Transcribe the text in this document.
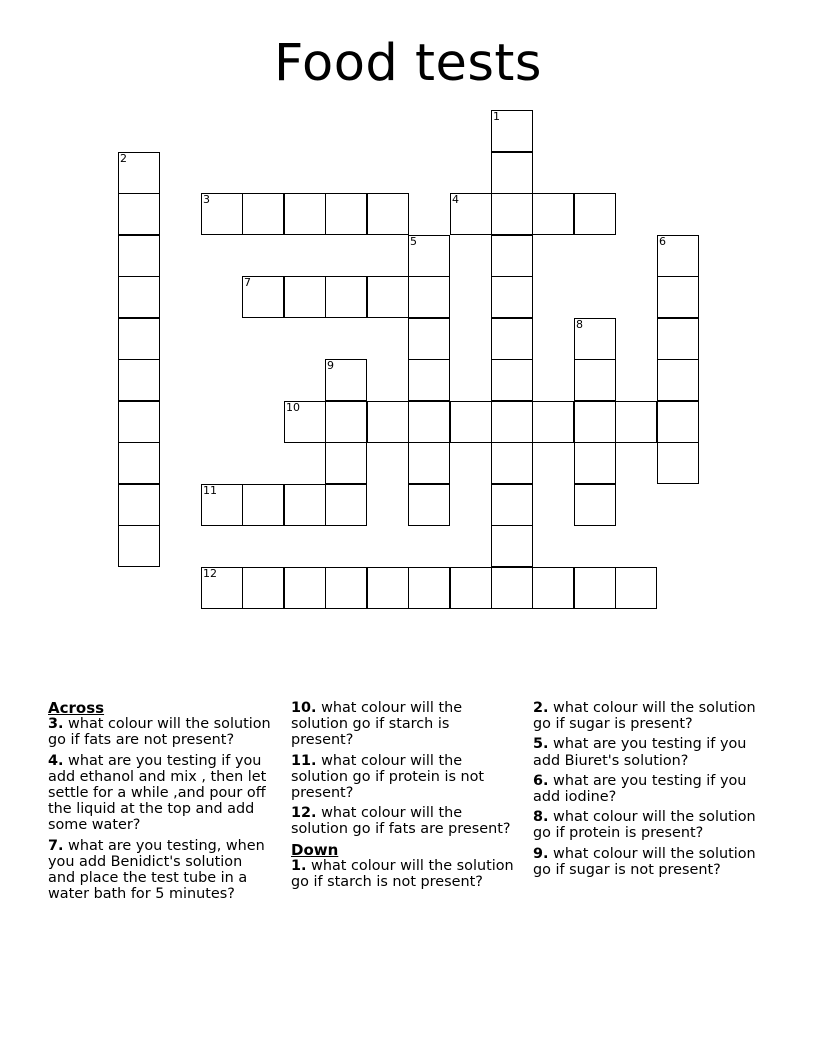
Food tests
2
3	4
1
5	6
7
8
9
10
11
12
Across
3. what colour will the solution go if fats are not present?
4. what are you testing if you add ethanol and mix , then let settle for a while ,and pour off the liquid at the top and add some water?
7. what are you testing, when you add Benidict's solution and place the test tube in a water bath for 5 minutes?
10. what colour will the solution go if starch is present?
11. what colour will the solution go if protein is not present?
12. what colour will the solution go if fats are present?
Down
1. what colour will the solution go if starch is not present?
2. what colour will the solution go if sugar is present?
5. what are you testing if you add Biuret's solution?
6. what are you testing if you add iodine?
8. what colour will the solution go if protein is present?
9. what colour will the solution go if sugar is not present?
